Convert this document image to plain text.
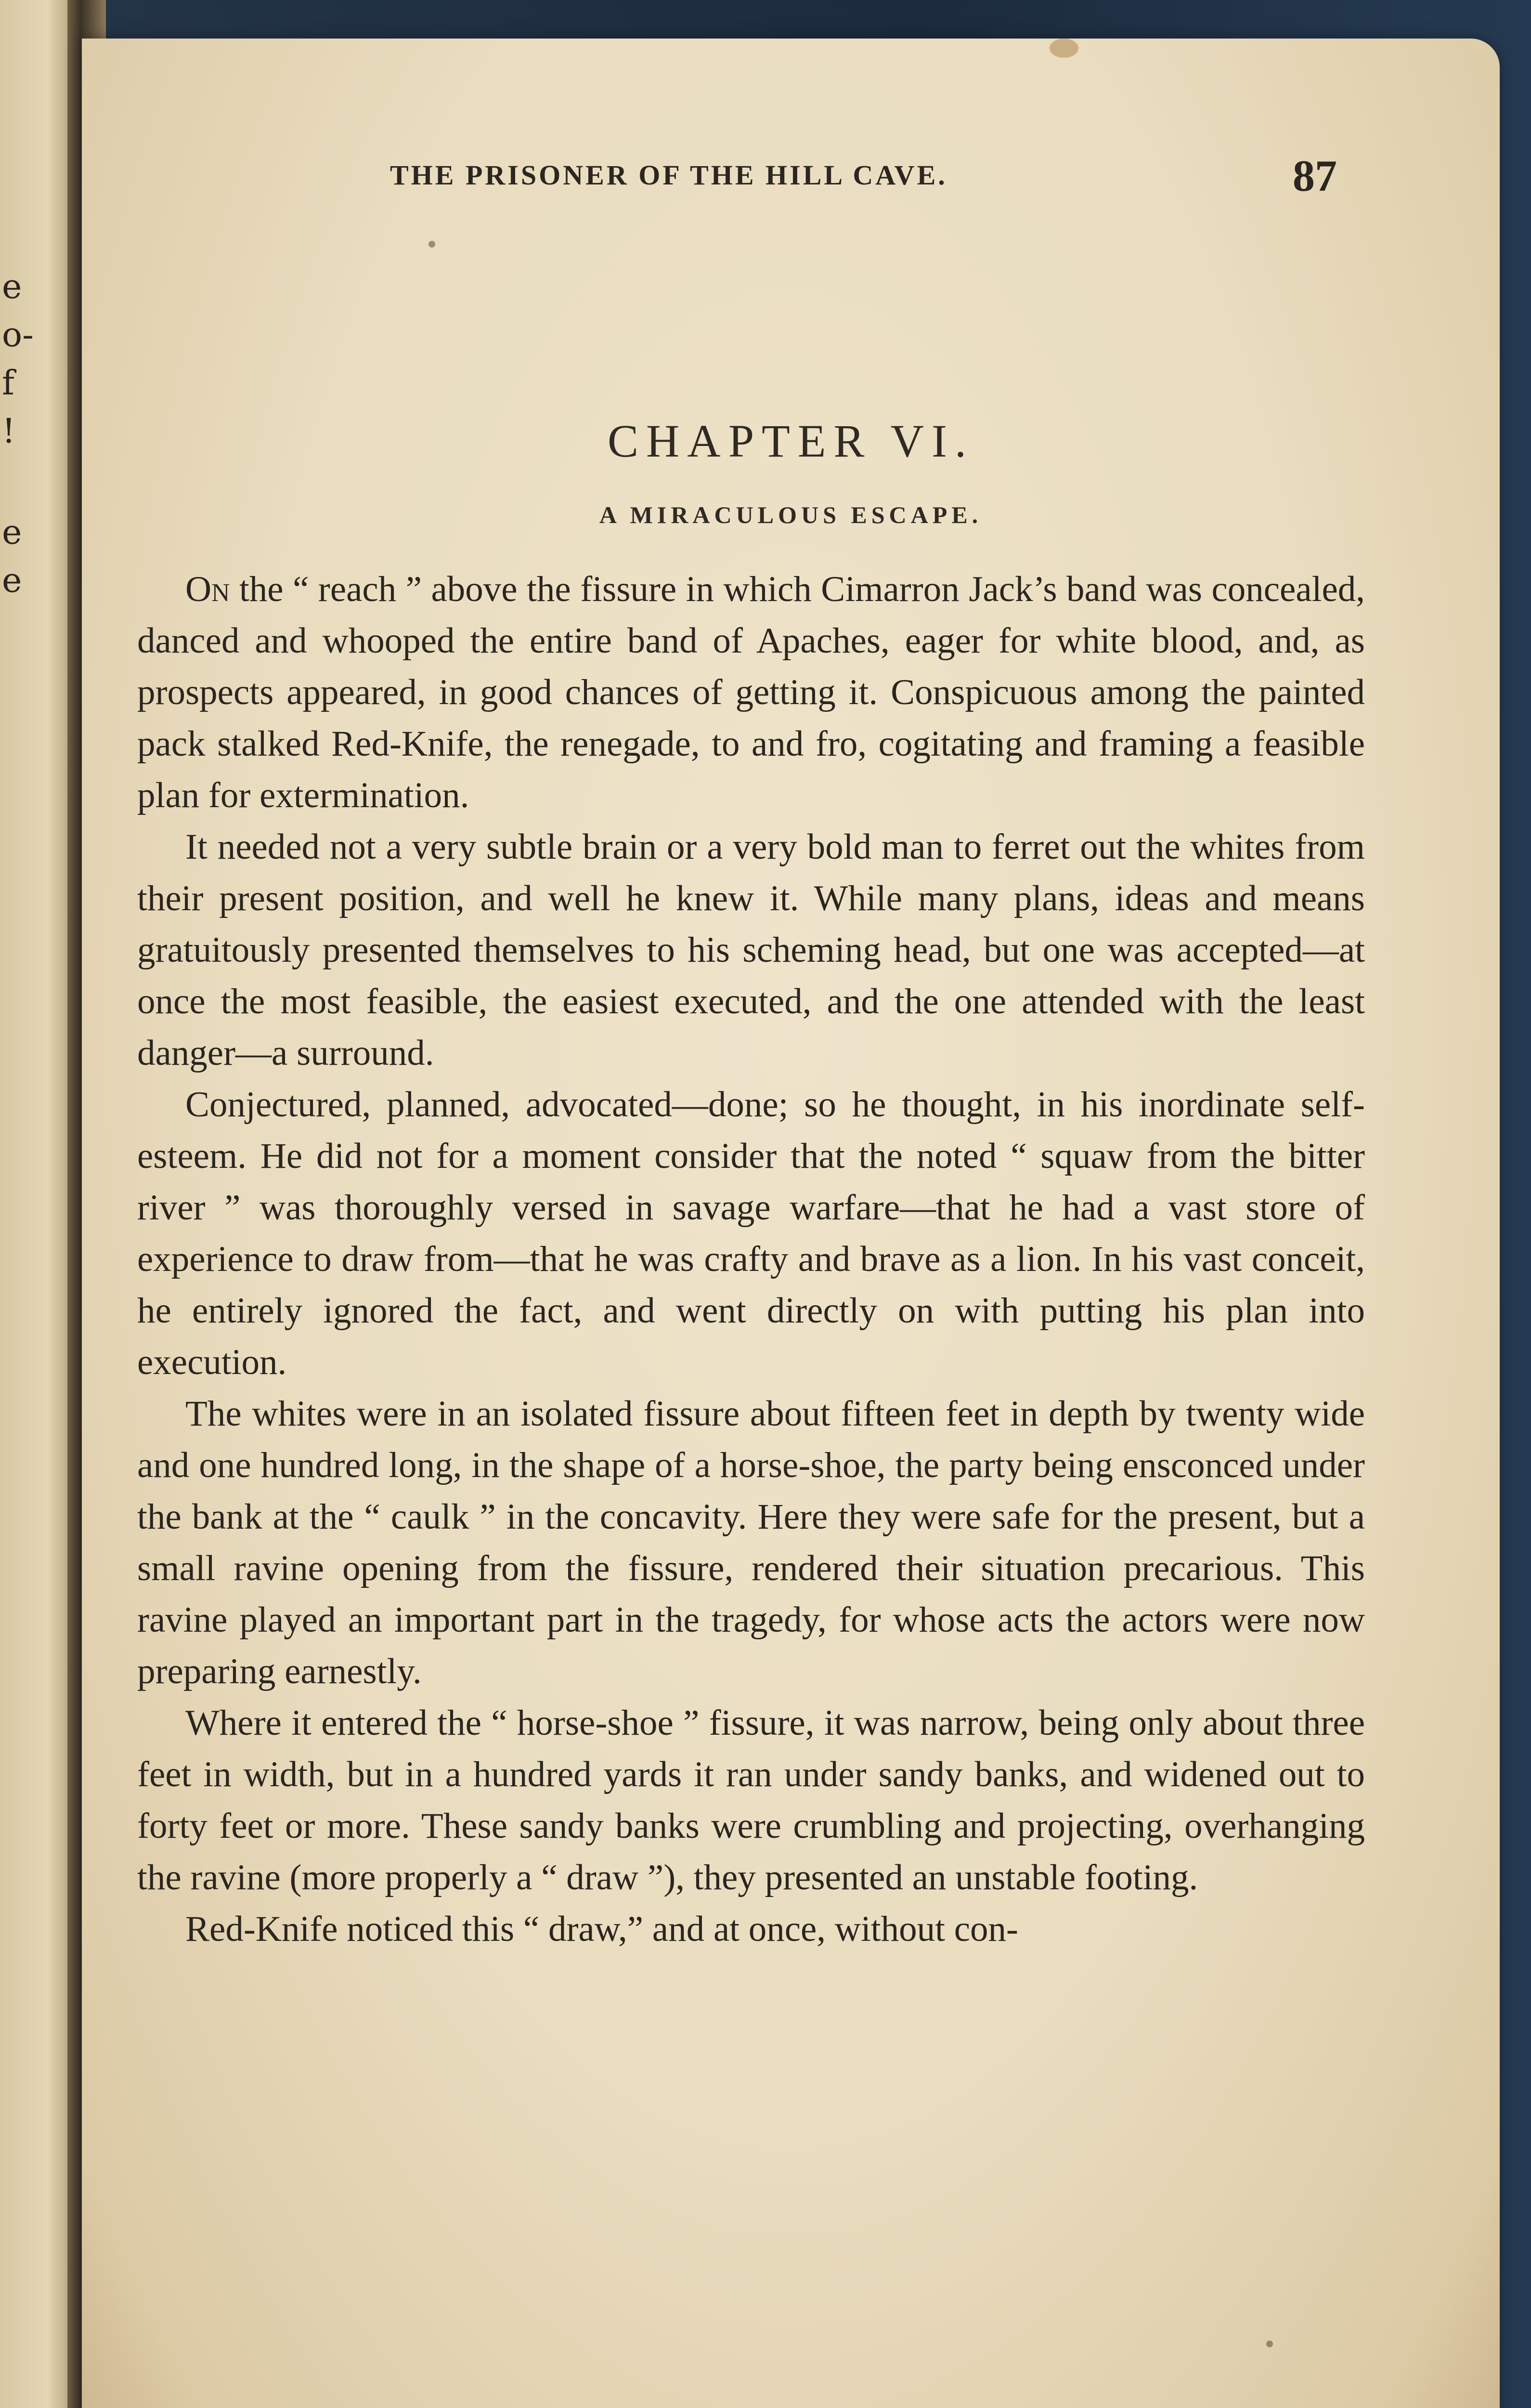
e
o-
f
!
e
e
THE PRISONER OF THE HILL CAVE.	87
CHAPTER VI.
A MIRACULOUS ESCAPE.

On the “ reach ” above the fissure in which Cimarron Jack’s band was concealed, danced and whooped the entire band of Apaches, eager for white blood, and, as prospects appeared, in good chances of getting it. Conspicuous among the painted pack stalked Red-Knife, the renegade, to and fro, cogitating and framing a feasible plan for extermination.

It needed not a very subtle brain or a very bold man to ferret out the whites from their present position, and well he knew it. While many plans, ideas and means gratuitously presented themselves to his scheming head, but one was accepted—at once the most feasible, the easiest executed, and the one attended with the least danger—a surround.

Conjectured, planned, advocated—done; so he thought, in his inordinate self-esteem. He did not for a moment consider that the noted “ squaw from the bitter river ” was thoroughly versed in savage warfare—that he had a vast store of experience to draw from—that he was crafty and brave as a lion. In his vast conceit, he entirely ignored the fact, and went directly on with putting his plan into execution.

The whites were in an isolated fissure about fifteen feet in depth by twenty wide and one hundred long, in the shape of a horse-shoe, the party being ensconced under the bank at the “ caulk ” in the concavity. Here they were safe for the present, but a small ravine opening from the fissure, rendered their situation precarious. This ravine played an important part in the tragedy, for whose acts the actors were now preparing earnestly.

Where it entered the “ horse-shoe ” fissure, it was narrow, being only about three feet in width, but in a hundred yards it ran under sandy banks, and widened out to forty feet or more. These sandy banks were crumbling and projecting, overhanging the ravine (more properly a “ draw ”), they presented an unstable footing.

Red-Knife noticed this “ draw,” and at once, without con-
